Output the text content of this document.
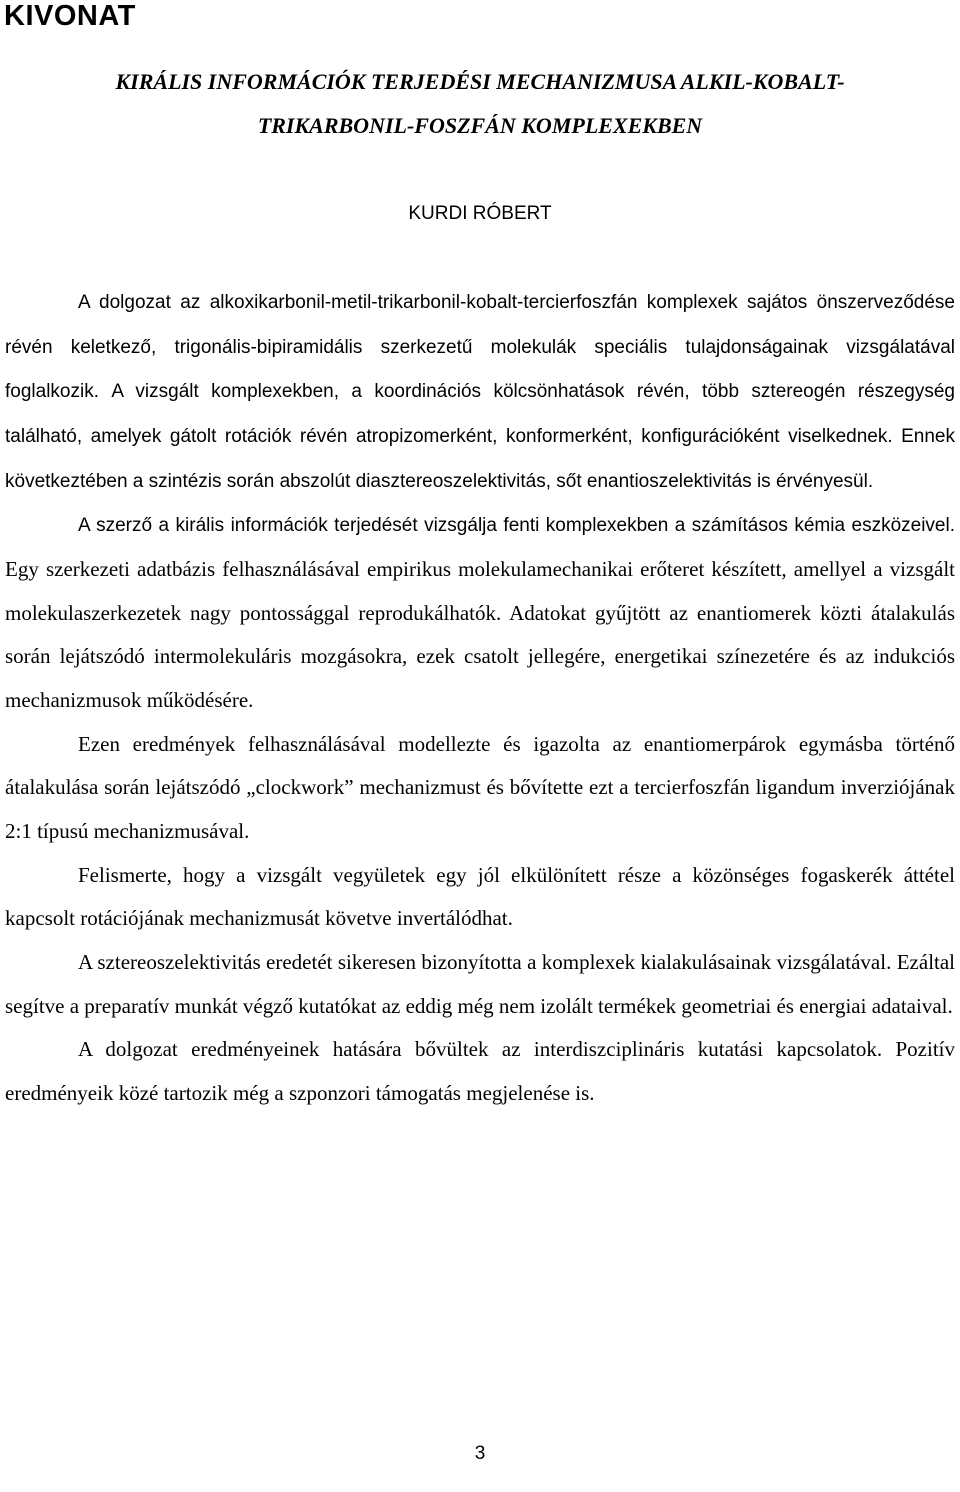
KIVONAT
KIRÁLIS INFORMÁCIÓK TERJEDÉSI MECHANIZMUSA ALKIL-KOBALT-
TRIKARBONIL-FOSZFÁN KOMPLEXEKBEN

KURDI RÓBERT

A dolgozat az alkoxikarbonil-metil-trikarbonil-kobalt-tercierfoszfán komplexek sajátos önszerveződése révén keletkező, trigonális-bipiramidális szerkezetű molekulák speciális tulajdonságainak vizsgálatával foglalkozik. A vizsgált komplexekben, a koordinációs kölcsönhatások révén, több sztereogén részegység található, amelyek gátolt rotációk révén atropizomerként, konformerként, konfigurációként viselkednek. Ennek következtében a szintézis során abszolút diasztereoszelektivitás, sőt enantioszelektivitás is érvényesül.

A szerző a királis információk terjedését vizsgálja fenti komplexekben a számításos kémia eszközeivel. Egy szerkezeti adatbázis felhasználásával empirikus molekulamechanikai erőteret készített, amellyel a vizsgált molekulaszerkezetek nagy pontossággal reprodukálhatók. Adatokat gyűjtött az enantiomerek közti átalakulás során lejátszódó intermolekuláris mozgásokra, ezek csatolt jellegére, energetikai színezetére és az indukciós mechanizmusok működésére.

Ezen eredmények felhasználásával modellezte és igazolta az enantiomerpárok egymásba történő átalakulása során lejátszódó „clockwork” mechanizmust és bővítette ezt a tercierfoszfán ligandum inverziójának 2:1 típusú mechanizmusával.

Felismerte, hogy a vizsgált vegyületek egy jól elkülönített része a közönséges fogaskerék áttétel kapcsolt rotációjának mechanizmusát követve invertálódhat.

A sztereoszelektivitás eredetét sikeresen bizonyította a komplexek kialakulásainak vizsgálatával. Ezáltal segítve a preparatív munkát végző kutatókat az eddig még nem izolált termékek geometriai és energiai adataival.

A dolgozat eredményeinek hatására bővültek az interdiszciplináris kutatási kapcsolatok. Pozitív eredményeik közé tartozik még a szponzori támogatás megjelenése is.

3
